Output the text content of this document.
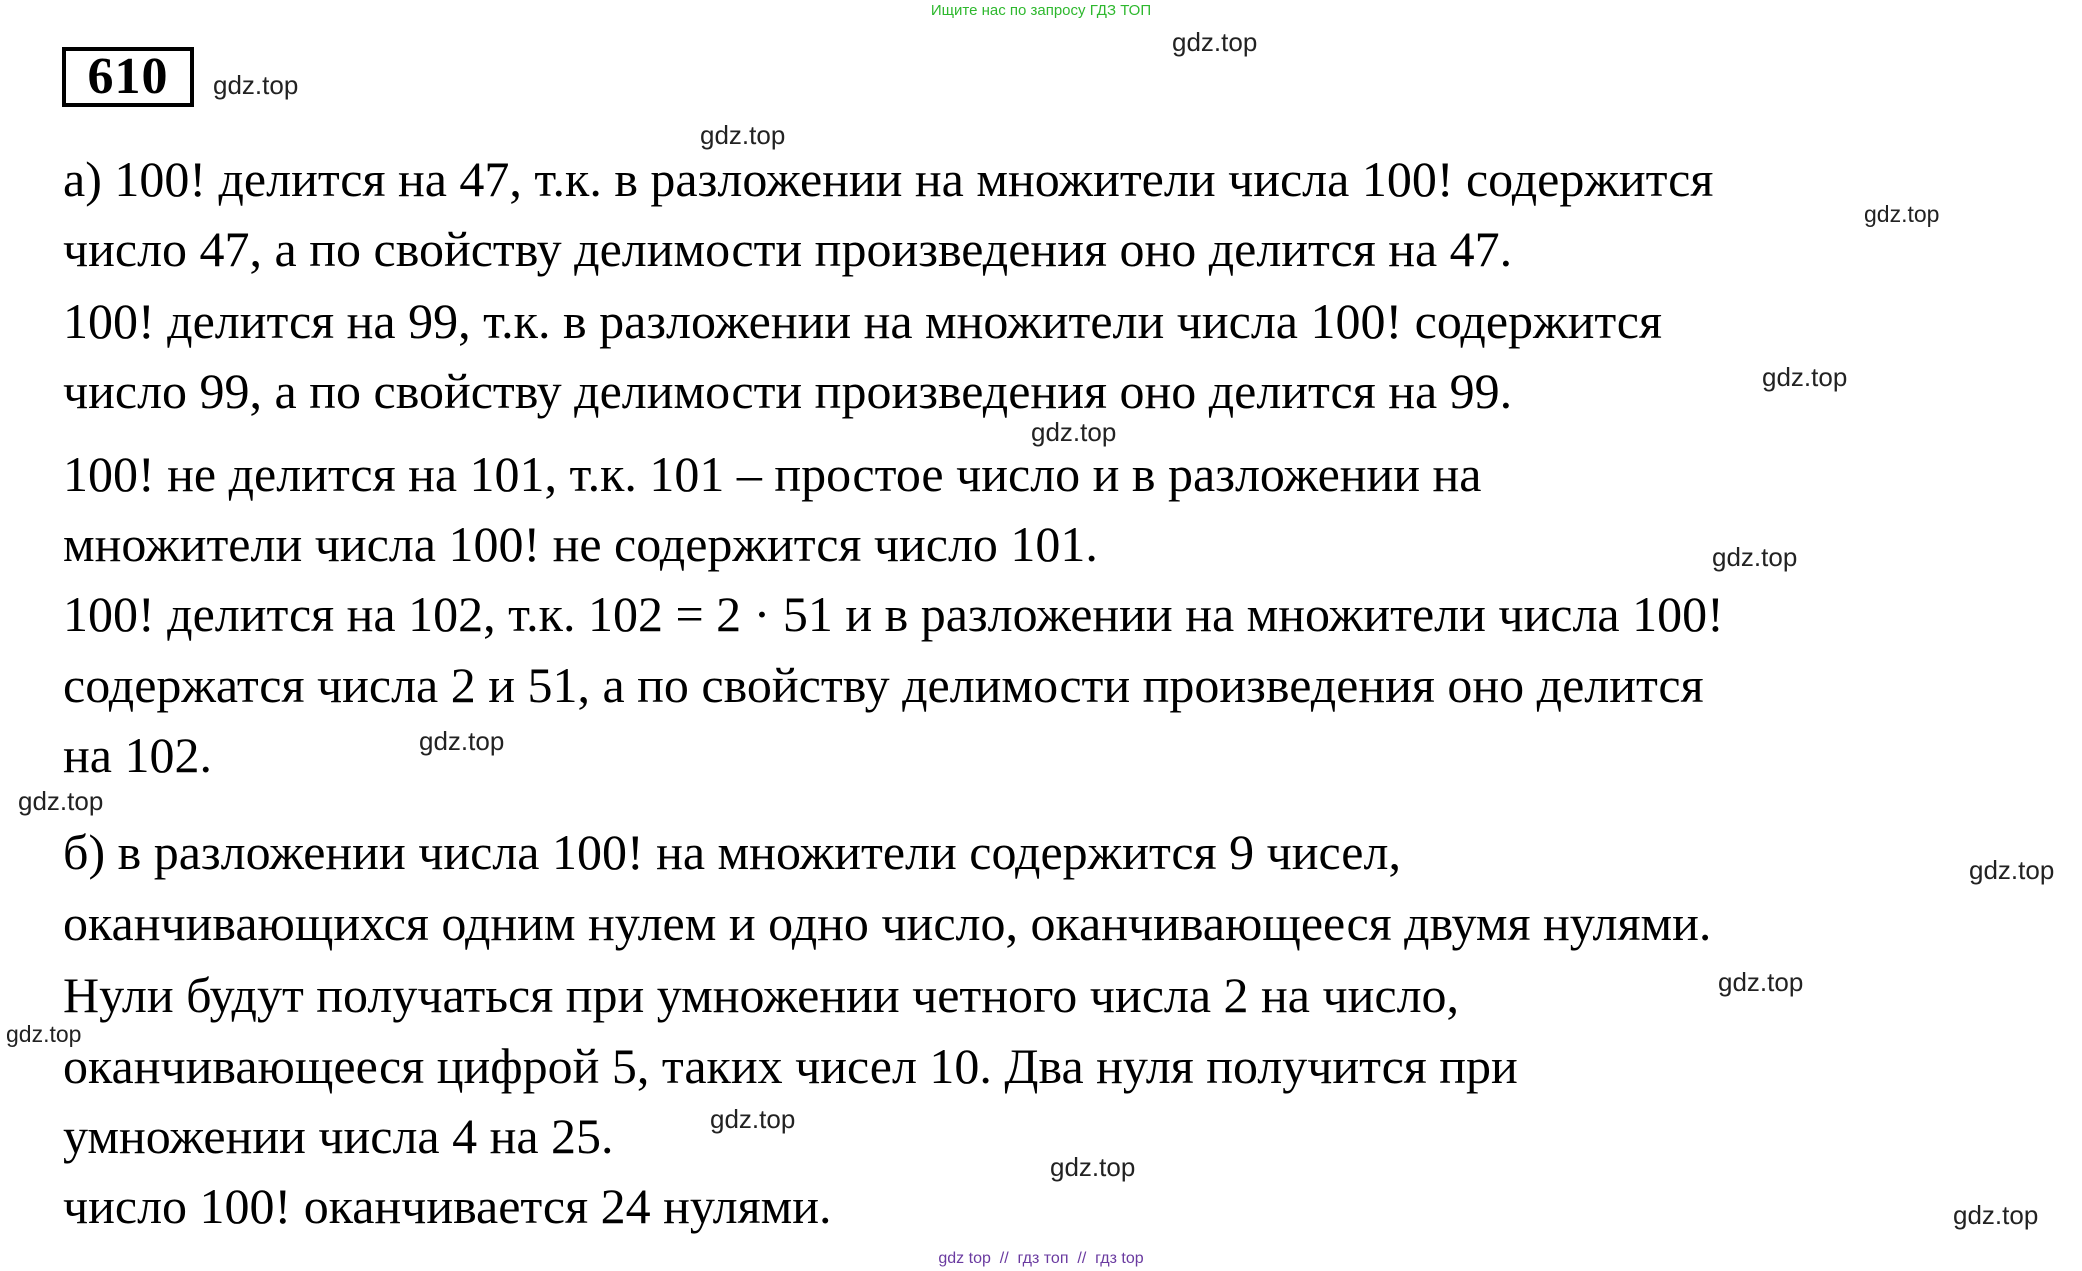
Ищите нас по запросу ГДЗ ТОП
610
gdz.top
gdz.top
gdz.top
gdz.top
gdz.top
gdz.top
gdz.top
gdz.top
gdz.top
gdz.top
gdz.top
gdz.top
gdz.top
gdz.top
gdz.top
а) 100! делится на 47, т.к. в разложении на множители числа 100! содержится
число 47, а по свойству делимости произведения оно делится на 47.
100! делится на 99, т.к. в разложении на множители числа 100! содержится
число 99, а по свойству делимости произведения оно делится на 99.
100! не делится на 101, т.к. 101 – простое число и в разложении на
множители числа 100! не содержится число 101.
100! делится на 102, т.к. 102 = 2 · 51 и в разложении на множители числа 100!
содержатся числа 2 и 51, а по свойству делимости произведения оно делится
на 102.
б) в разложении числа 100! на множители содержится 9 чисел,
оканчивающихся одним нулем и одно число, оканчивающееся двумя нулями.
Нули будут получаться при умножении четного числа 2 на число,
оканчивающееся цифрой 5, таких чисел 10. Два нуля получится при
умножении числа 4 на 25.
число 100! оканчивается 24 нулями.
gdz top  //  гдз топ  //  гдз top
